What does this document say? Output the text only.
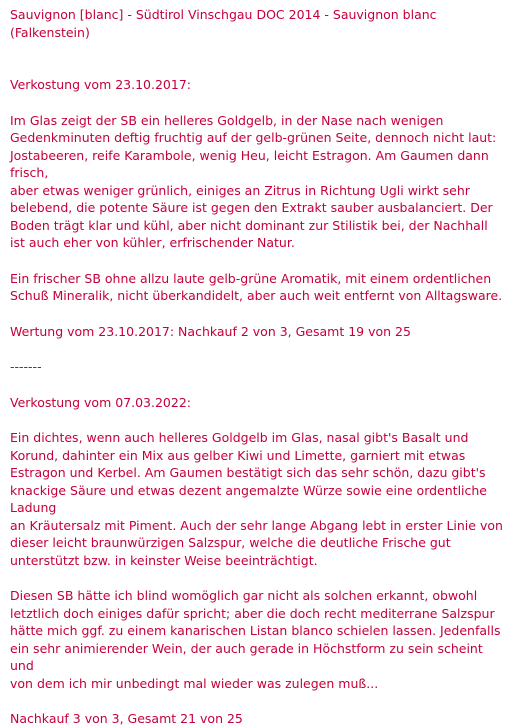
Sauvignon [blanc] - Südtirol Vinschgau DOC 2014 - Sauvignon blanc (Falkenstein)
Verkostung vom 23.10.2017:
Im Glas zeigt der SB ein helleres Goldgelb, in der Nase nach wenigen
Gedenkminuten deftig fruchtig auf der gelb-grünen Seite, dennoch nicht laut:
Jostabeeren, reife Karambole, wenig Heu, leicht Estragon. Am Gaumen dann frisch,
aber etwas weniger grünlich, einiges an Zitrus in Richtung Ugli wirkt sehr
belebend, die potente Säure ist gegen den Extrakt sauber ausbalanciert. Der
Boden trägt klar und kühl, aber nicht dominant zur Stilistik bei, der Nachhall
ist auch eher von kühler, erfrischender Natur.
Ein frischer SB ohne allzu laute gelb-grüne Aromatik, mit einem ordentlichen
Schuß Mineralik, nicht überkandidelt, aber auch weit entfernt von Alltagsware.
Wertung vom 23.10.2017: Nachkauf 2 von 3, Gesamt 19 von 25
-------
Verkostung vom 07.03.2022:
Ein dichtes, wenn auch helleres Goldgelb im Glas, nasal gibt's Basalt und
Korund, dahinter ein Mix aus gelber Kiwi und Limette, garniert mit etwas
Estragon und Kerbel. Am Gaumen bestätigt sich das sehr schön, dazu gibt's
knackige Säure und etwas dezent angemalzte Würze sowie eine ordentliche Ladung
an Kräutersalz mit Piment. Auch der sehr lange Abgang lebt in erster Linie von
dieser leicht braunwürzigen Salzspur, welche die deutliche Frische gut
unterstützt bzw. in keinster Weise beeinträchtigt.
Diesen SB hätte ich blind womöglich gar nicht als solchen erkannt, obwohl
letztlich doch einiges dafür spricht; aber die doch recht mediterrane Salzspur
hätte mich ggf. zu einem kanarischen Listan blanco schielen lassen. Jedenfalls
ein sehr animierender Wein, der auch gerade in Höchstform zu sein scheint und
von dem ich mir unbedingt mal wieder was zulegen muß...
Nachkauf 3 von 3, Gesamt 21 von 25
